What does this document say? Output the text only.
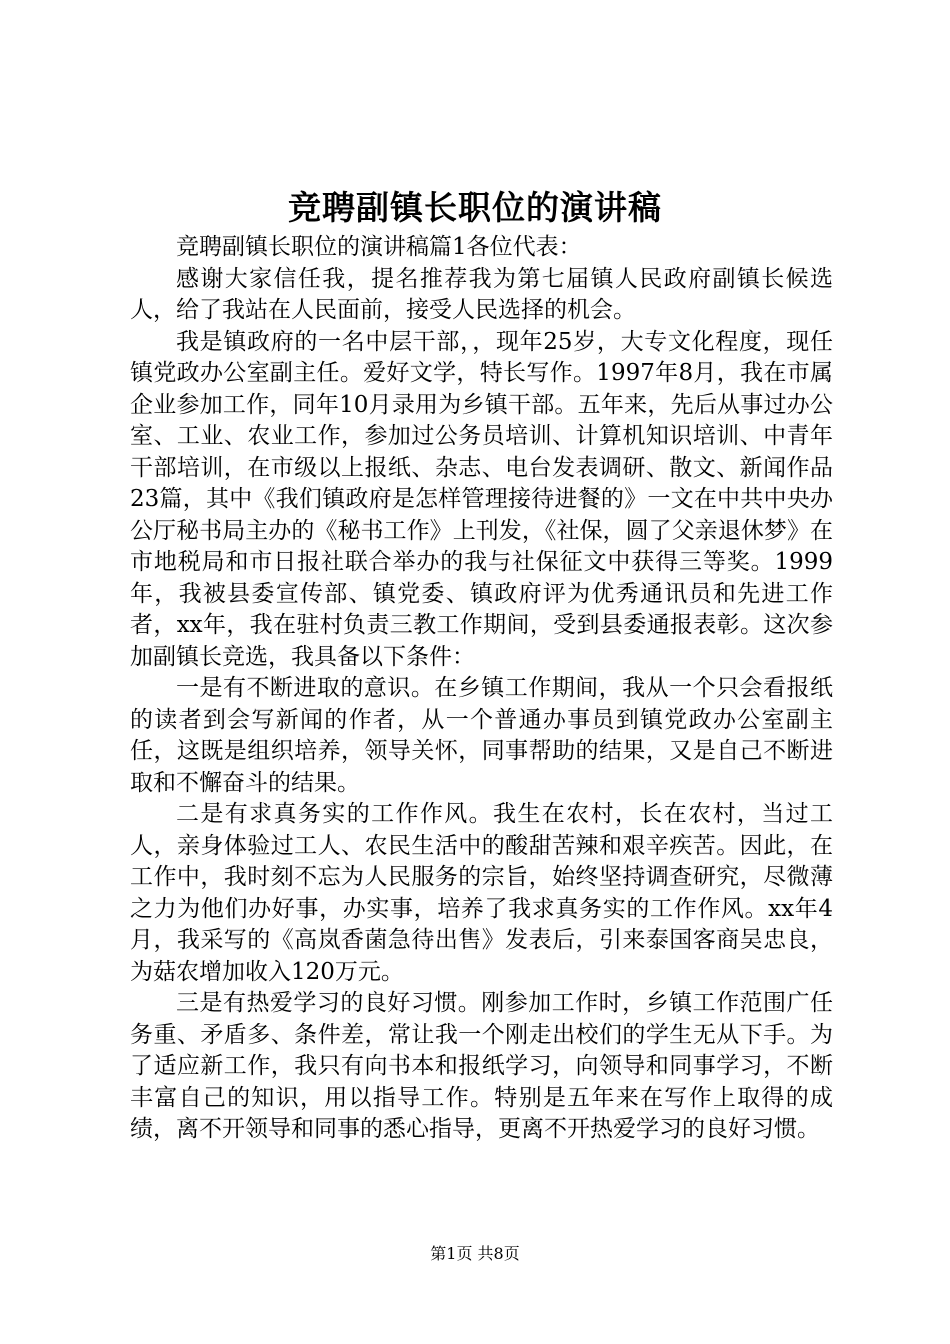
竞聘副镇长职位的演讲稿

竞聘副镇长职位的演讲稿篇1各位代表：

感谢大家信任我，提名推荐我为第七届镇人民政府副镇长候选人，给了我站在人民面前，接受人民选择的机会。

我是镇政府的一名中层干部，，现年25岁，大专文化程度，现任镇党政办公室副主任。爱好文学，特长写作。1997年8月，我在市属企业参加工作，同年10月录用为乡镇干部。五年来，先后从事过办公室、工业、农业工作，参加过公务员培训、计算机知识培训、中青年干部培训，在市级以上报纸、杂志、电台发表调研、散文、新闻作品23篇，其中《我们镇政府是怎样管理接待进餐的》一文在中共中央办公厅秘书局主办的《秘书工作》上刊发，《社保，圆了父亲退休梦》在市地税局和市日报社联合举办的我与社保征文中获得三等奖。1999年，我被县委宣传部、镇党委、镇政府评为优秀通讯员和先进工作者，xx年，我在驻村负责三教工作期间，受到县委通报表彰。这次参加副镇长竞选，我具备以下条件：

一是有不断进取的意识。在乡镇工作期间，我从一个只会看报纸的读者到会写新闻的作者，从一个普通办事员到镇党政办公室副主任，这既是组织培养，领导关怀，同事帮助的结果，又是自己不断进取和不懈奋斗的结果。

二是有求真务实的工作作风。我生在农村，长在农村，当过工人，亲身体验过工人、农民生活中的酸甜苦辣和艰辛疾苦。因此，在工作中，我时刻不忘为人民服务的宗旨，始终坚持调查研究，尽微薄之力为他们办好事，办实事，培养了我求真务实的工作作风。xx年4月，我采写的《高岚香菌急待出售》发表后，引来泰国客商吴忠良，为菇农增加收入120万元。

三是有热爱学习的良好习惯。刚参加工作时，乡镇工作范围广任务重、矛盾多、条件差，常让我一个刚走出校们的学生无从下手。为了适应新工作，我只有向书本和报纸学习，向领导和同事学习，不断丰富自己的知识，用以指导工作。特别是五年来在写作上取得的成绩，离不开领导和同事的悉心指导，更离不开热爱学习的良好习惯。

第1页 共8页
